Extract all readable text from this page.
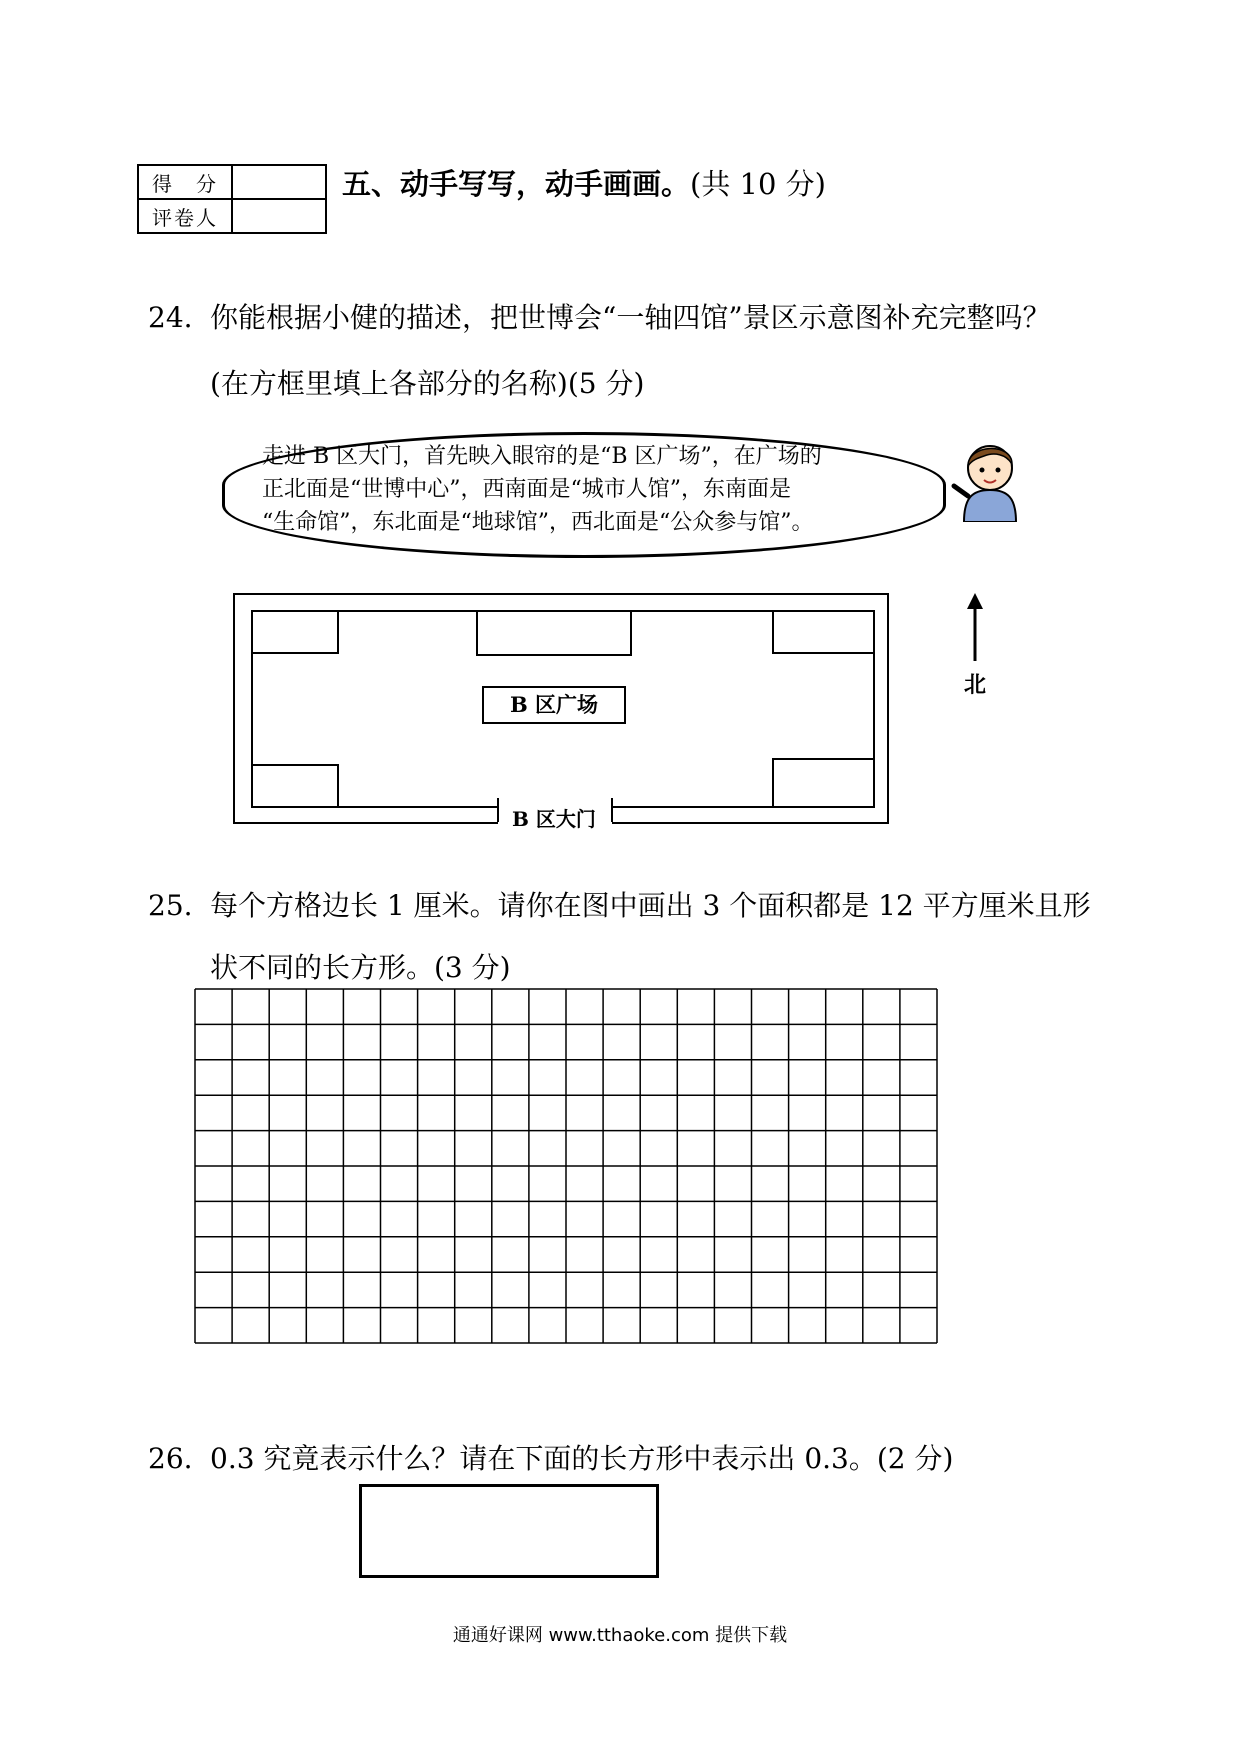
得　分	
评卷人	
五、动手写写，动手画画。(共 10 分)
24. 你能根据小健的描述，把世博会“一轴四馆”景区示意图补充完整吗？
(在方框里填上各部分的名称)(5 分)
走进 B 区大门，首先映入眼帘的是“B 区广场”，在广场的
正北面是“世博中心”，西南面是“城市人馆”，东南面是
“生命馆”，东北面是“地球馆”，西北面是“公众参与馆”。
B 区广场
B 区大门
北
25. 每个方格边长 1 厘米。请你在图中画出 3 个面积都是 12 平方厘米且形
状不同的长方形。(3 分)
26. 0.3 究竟表示什么？请在下面的长方形中表示出 0.3。(2 分)
通通好课网 www.tthaoke.com 提供下载
